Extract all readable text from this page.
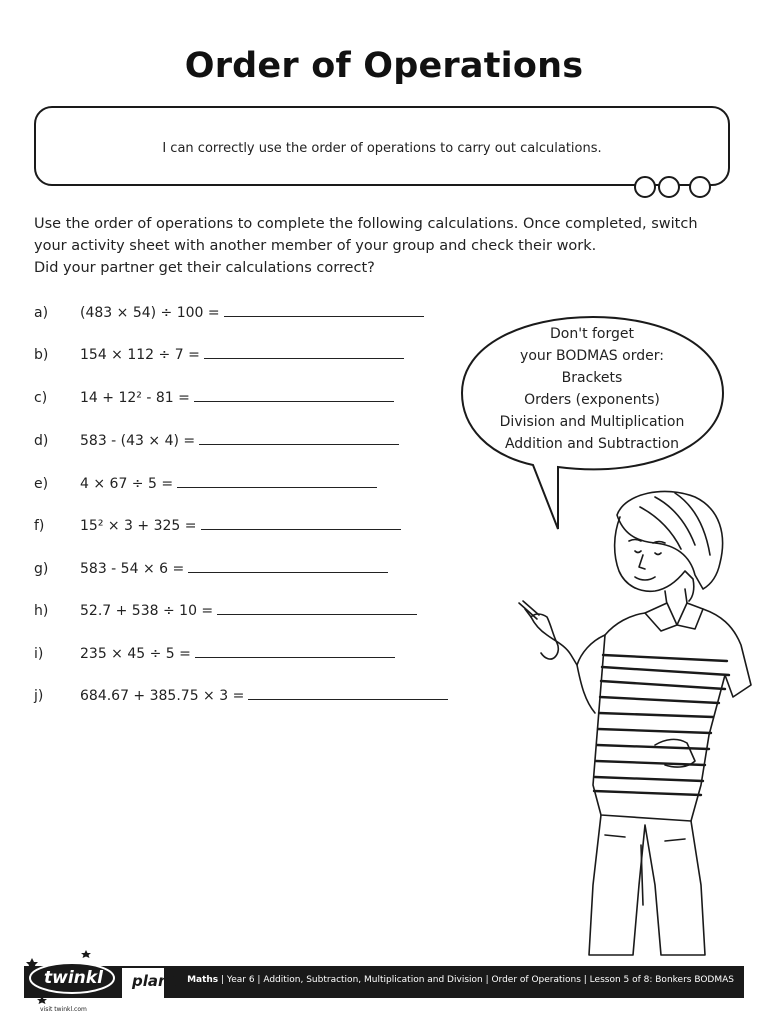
Order of Operations
I can correctly use the order of operations to carry out calculations.
Use the order of operations to complete the following calculations. Once completed, switch
your activity sheet with another member of your group and check their work.
Did your partner get their calculations correct?
a)	(483 × 54) ÷ 100 =
b)	154 × 112 ÷ 7 =
c)	14 + 12² - 81 =
d)	583 - (43 × 4) =
e)	4 × 67 ÷ 5 =
f)	15² × 3 + 325 =
g)	583 - 54 × 6 =
h)	52.7 + 538 ÷ 10 =
i)	235 × 45 ÷ 5 =
j)	684.67 + 385.75 × 3 =
Don't forget
your BODMAS order:
Brackets
Orders (exponents)
Division and Multiplication
Addition and Subtraction
Maths | Year 6 | Addition, Subtraction, Multiplication and Division | Order of Operations | Lesson 5 of 8: Bonkers BODMAS
twinkl planit
visit twinkl.com
